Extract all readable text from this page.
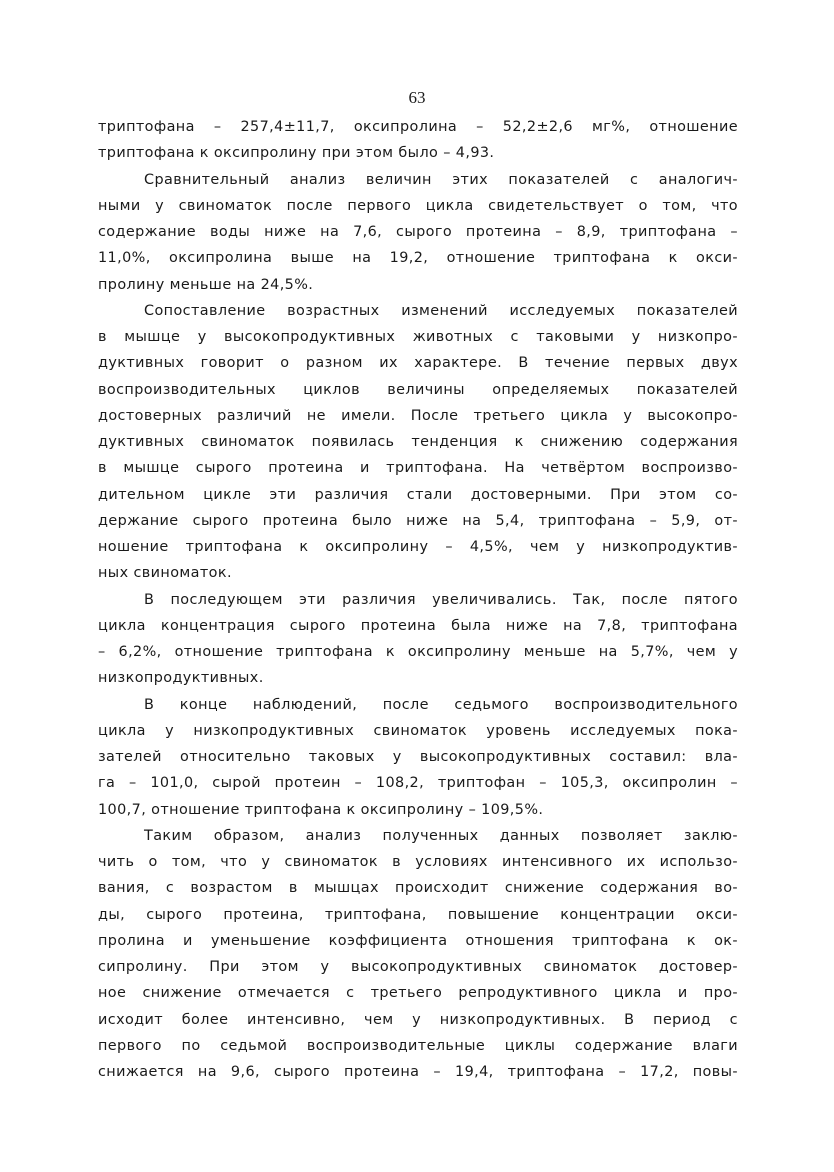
63
триптофана – 257,4±11,7, оксипролина – 52,2±2,6 мг%, отношение
триптофана к оксипролину при этом было – 4,93.
Сравнительный анализ величин этих показателей с аналогич-
ными у свиноматок после первого цикла свидетельствует о том, что
содержание воды ниже на 7,6, сырого протеина – 8,9, триптофана –
11,0%, оксипролина выше на 19,2, отношение триптофана к окси-
пролину меньше на 24,5%.
Сопоставление возрастных изменений исследуемых показателей
в мышце у высокопродуктивных животных с таковыми у низкопро-
дуктивных говорит о разном их характере. В течение первых двух
воспроизводительных циклов величины определяемых показателей
достоверных различий не имели. После третьего цикла у высокопро-
дуктивных свиноматок появилась тенденция к снижению содержания
в мышце сырого протеина и триптофана. На четвёртом воспроизво-
дительном цикле эти различия стали достоверными. При этом со-
держание сырого протеина было ниже на 5,4, триптофана – 5,9, от-
ношение триптофана к оксипролину – 4,5%, чем у низкопродуктив-
ных свиноматок.
В последующем эти различия увеличивались. Так, после пятого
цикла концентрация сырого протеина была ниже на 7,8, триптофана
– 6,2%, отношение триптофана к оксипролину меньше на 5,7%, чем у
низкопродуктивных.
В конце наблюдений, после седьмого воспроизводительного
цикла у низкопродуктивных свиноматок уровень исследуемых пока-
зателей относительно таковых у высокопродуктивных составил: вла-
га – 101,0, сырой протеин – 108,2, триптофан – 105,3, оксипролин –
100,7, отношение триптофана к оксипролину – 109,5%.
Таким образом, анализ полученных данных позволяет заклю-
чить о том, что у свиноматок в условиях интенсивного их использо-
вания, с возрастом в мышцах происходит снижение содержания во-
ды, сырого протеина, триптофана, повышение концентрации окси-
пролина и уменьшение коэффициента отношения триптофана к ок-
сипролину. При этом у высокопродуктивных свиноматок достовер-
ное снижение отмечается с третьего репродуктивного цикла и про-
исходит более интенсивно, чем у низкопродуктивных. В период с
первого по седьмой воспроизводительные циклы содержание влаги
снижается на 9,6, сырого протеина – 19,4, триптофана – 17,2, повы-
